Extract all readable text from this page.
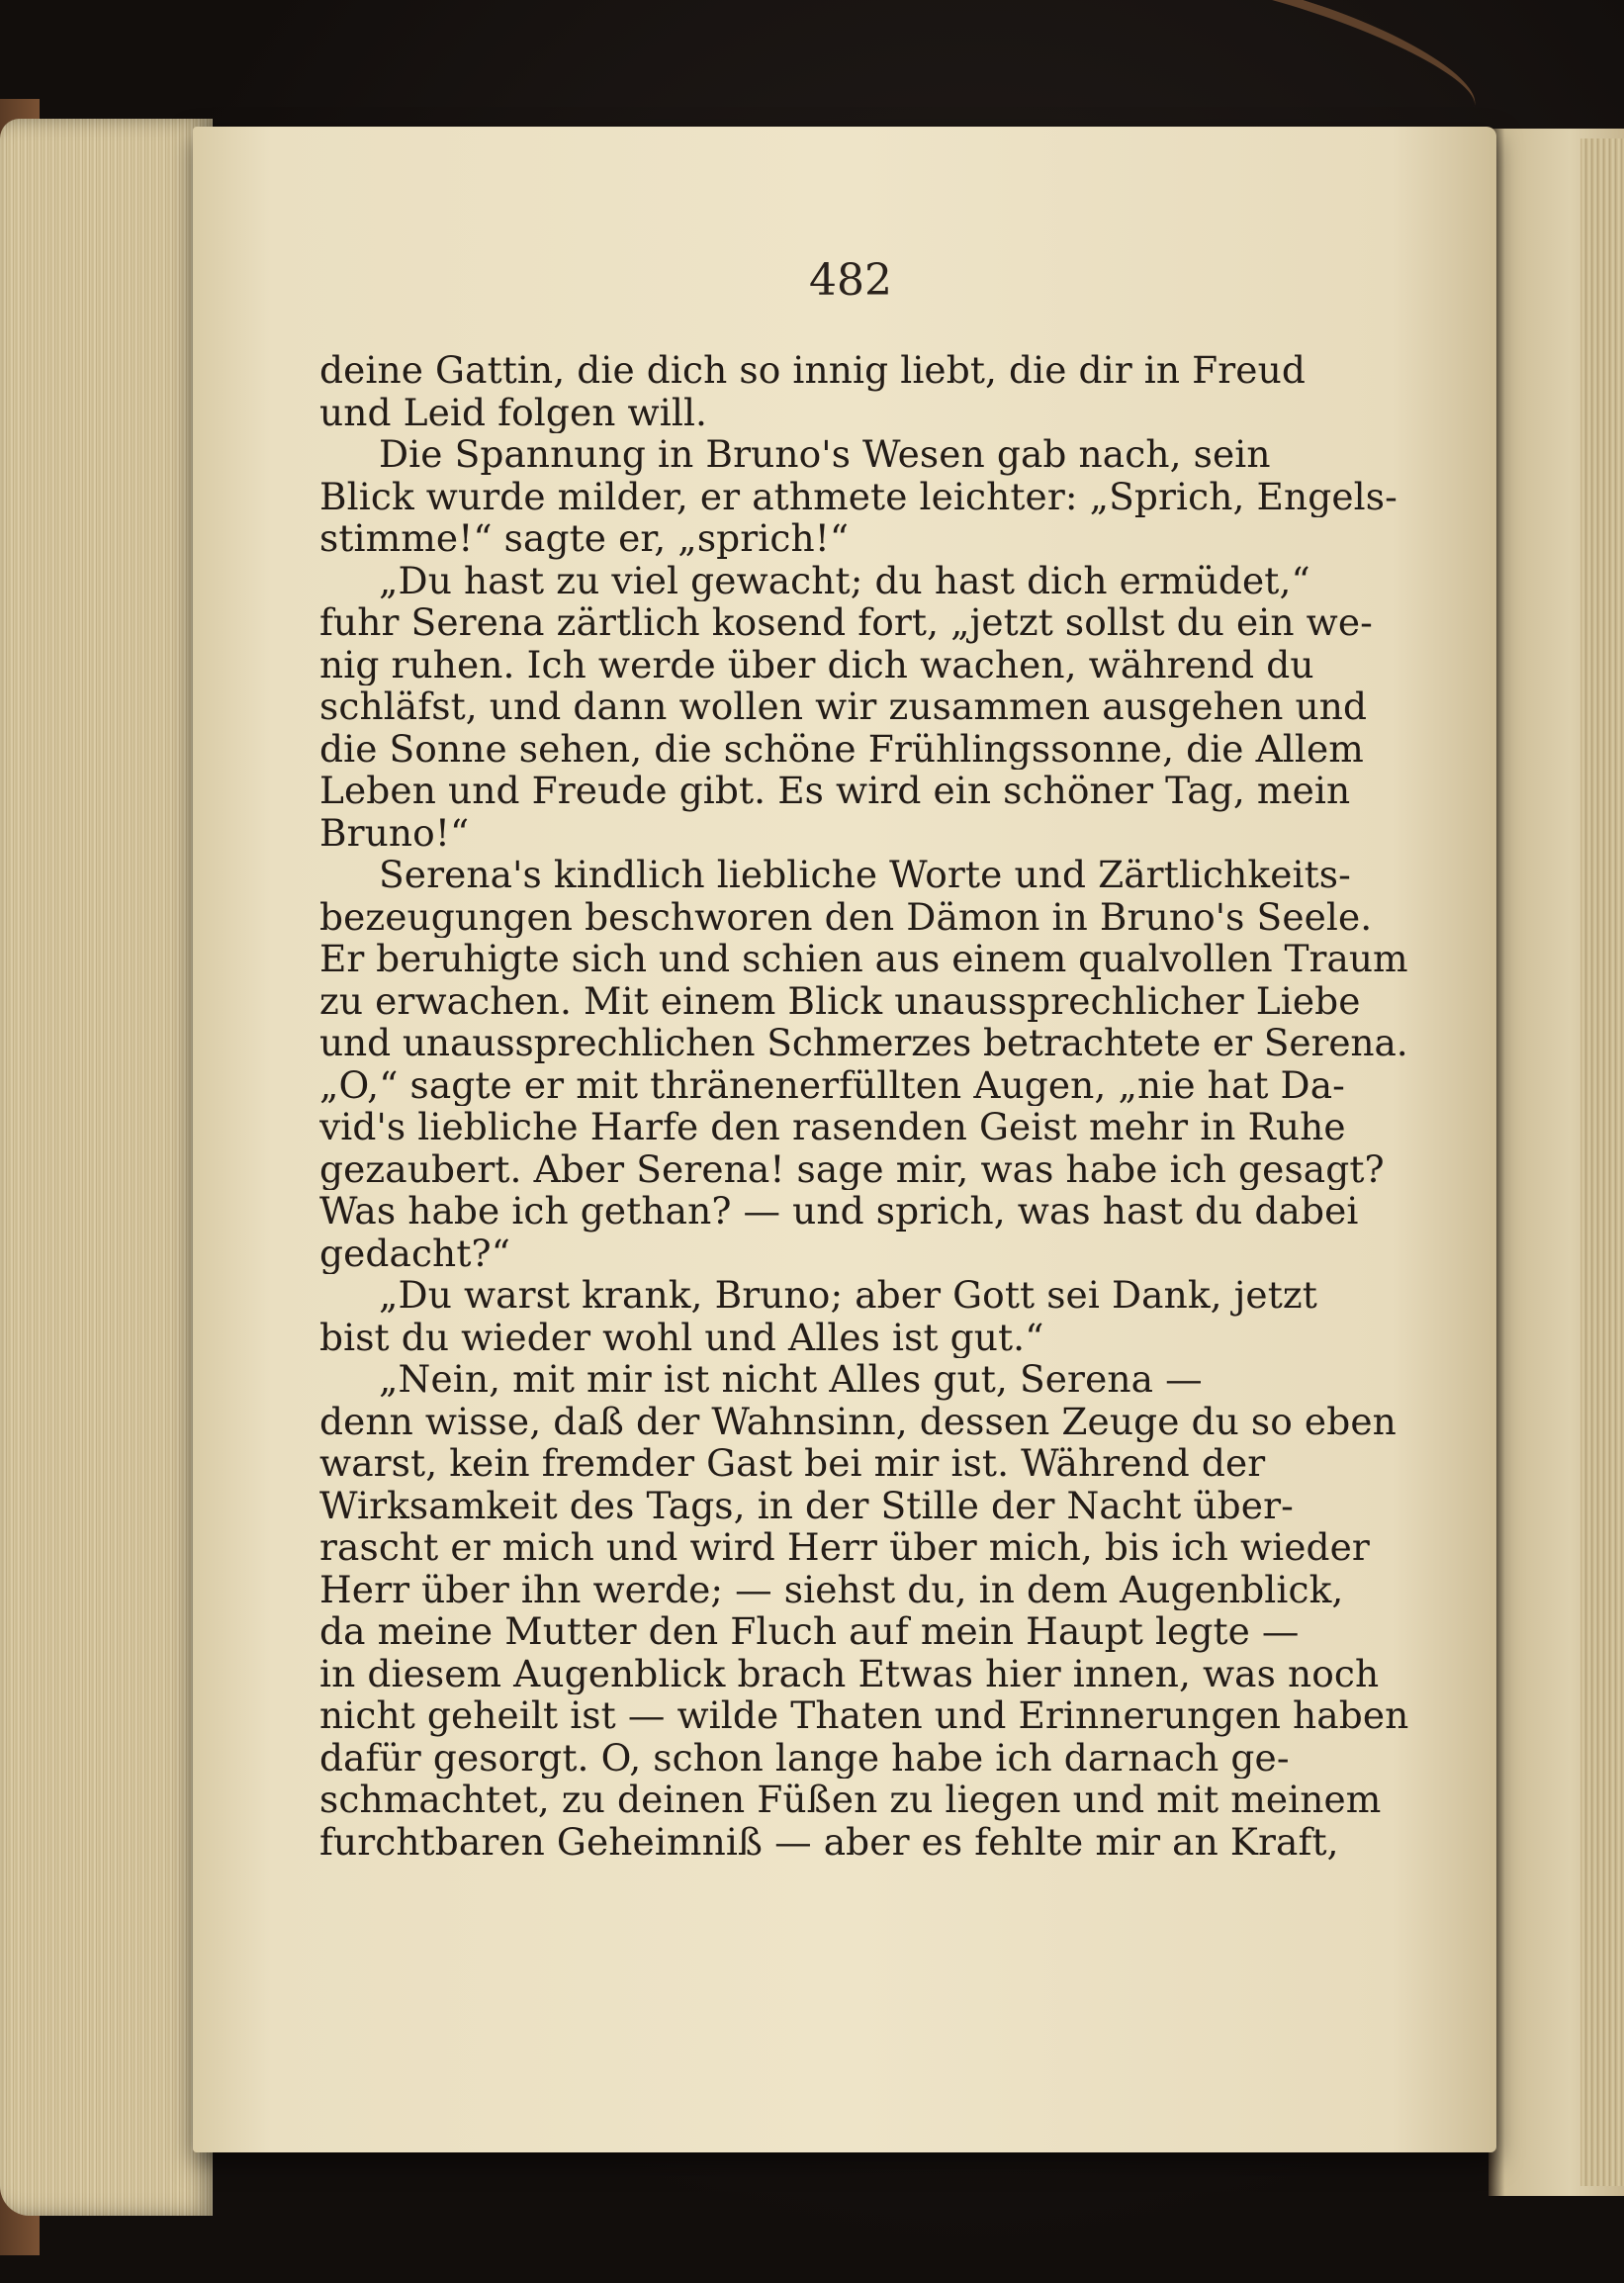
482
deine Gattin, die dich so innig liebt, die dir in Freud
und Leid folgen will.
Die Spannung in Bruno's Wesen gab nach, sein
Blick wurde milder, er athmete leichter: „Sprich, Engels-
stimme!“ sagte er, „sprich!“
„Du hast zu viel gewacht; du hast dich ermüdet,“
fuhr Serena zärtlich kosend fort, „jetzt sollst du ein we-
nig ruhen. Ich werde über dich wachen, während du
schläfst, und dann wollen wir zusammen ausgehen und
die Sonne sehen, die schöne Frühlingssonne, die Allem
Leben und Freude gibt. Es wird ein schöner Tag, mein
Bruno!“
Serena's kindlich liebliche Worte und Zärtlichkeits-
bezeugungen beschworen den Dämon in Bruno's Seele.
Er beruhigte sich und schien aus einem qualvollen Traum
zu erwachen. Mit einem Blick unaussprechlicher Liebe
und unaussprechlichen Schmerzes betrachtete er Serena.
„O,“ sagte er mit thränenerfüllten Augen, „nie hat Da-
vid's liebliche Harfe den rasenden Geist mehr in Ruhe
gezaubert. Aber Serena! sage mir, was habe ich gesagt?
Was habe ich gethan? — und sprich, was hast du dabei
gedacht?“
„Du warst krank, Bruno; aber Gott sei Dank, jetzt
bist du wieder wohl und Alles ist gut.“
„Nein, mit mir ist nicht Alles gut, Serena —
denn wisse, daß der Wahnsinn, dessen Zeuge du so eben
warst, kein fremder Gast bei mir ist. Während der
Wirksamkeit des Tags, in der Stille der Nacht über-
rascht er mich und wird Herr über mich, bis ich wieder
Herr über ihn werde; — siehst du, in dem Augenblick,
da meine Mutter den Fluch auf mein Haupt legte —
in diesem Augenblick brach Etwas hier innen, was noch
nicht geheilt ist — wilde Thaten und Erinnerungen haben
dafür gesorgt. O, schon lange habe ich darnach ge-
schmachtet, zu deinen Füßen zu liegen und mit meinem
furchtbaren Geheimniß — aber es fehlte mir an Kraft,
